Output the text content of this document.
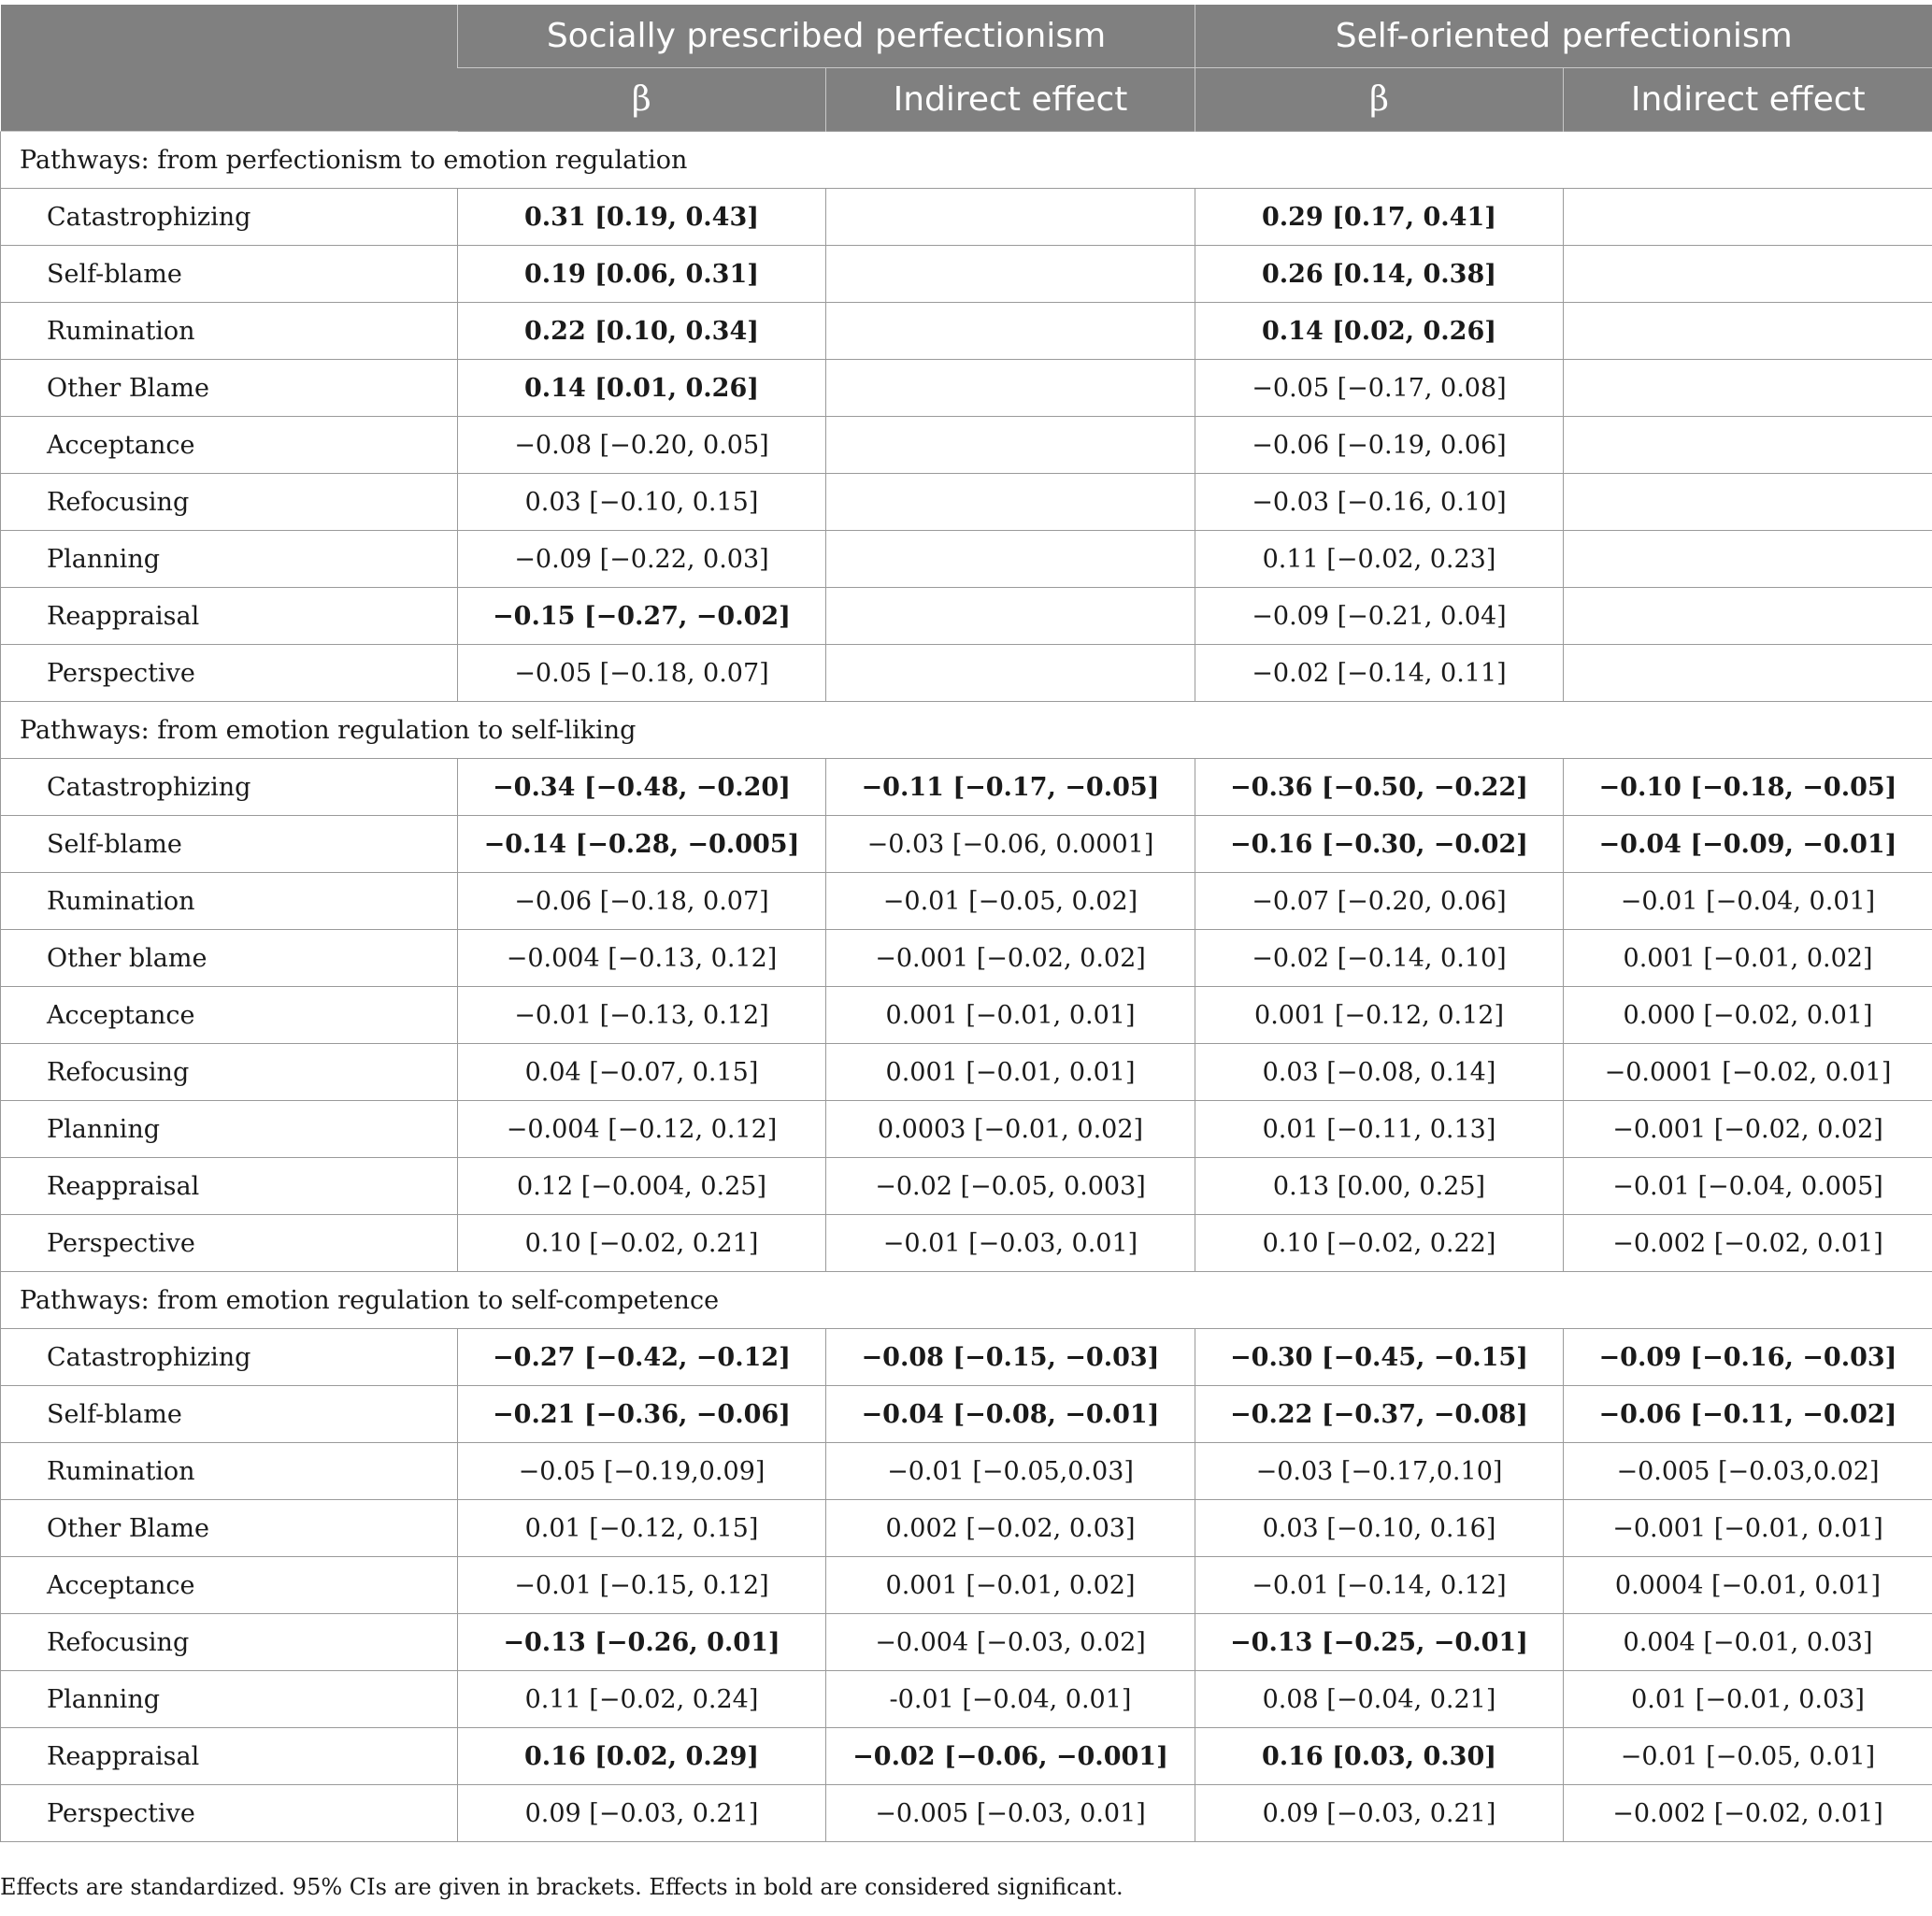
	Socially prescribed perfectionism		Self-oriented perfectionism	
	β	Indirect effect	β	Indirect effect
Pathways: from perfectionism to emotion regulation				
Catastrophizing	0.31 [0.19, 0.43]		0.29 [0.17, 0.41]	
Self-blame	0.19 [0.06, 0.31]		0.26 [0.14, 0.38]	
Rumination	0.22 [0.10, 0.34]		0.14 [0.02, 0.26]	
Other Blame	0.14 [0.01, 0.26]		−0.05 [−0.17, 0.08]	
Acceptance	−0.08 [−0.20, 0.05]		−0.06 [−0.19, 0.06]	
Refocusing	0.03 [−0.10, 0.15]		−0.03 [−0.16, 0.10]	
Planning	−0.09 [−0.22, 0.03]		0.11 [−0.02, 0.23]	
Reappraisal	−0.15 [−0.27, −0.02]		−0.09 [−0.21, 0.04]	
Perspective	−0.05 [−0.18, 0.07]		−0.02 [−0.14, 0.11]	
Pathways: from emotion regulation to self-liking				
Catastrophizing	−0.34 [−0.48, −0.20]	−0.11 [−0.17, −0.05]	−0.36 [−0.50, −0.22]	−0.10 [−0.18, −0.05]
Self-blame	−0.14 [−0.28, −0.005]	−0.03 [−0.06, 0.0001]	−0.16 [−0.30, −0.02]	−0.04 [−0.09, −0.01]
Rumination	−0.06 [−0.18, 0.07]	−0.01 [−0.05, 0.02]	−0.07 [−0.20, 0.06]	−0.01 [−0.04, 0.01]
Other blame	−0.004 [−0.13, 0.12]	−0.001 [−0.02, 0.02]	−0.02 [−0.14, 0.10]	0.001 [−0.01, 0.02]
Acceptance	−0.01 [−0.13, 0.12]	0.001 [−0.01, 0.01]	0.001 [−0.12, 0.12]	0.000 [−0.02, 0.01]
Refocusing	0.04 [−0.07, 0.15]	0.001 [−0.01, 0.01]	0.03 [−0.08, 0.14]	−0.0001 [−0.02, 0.01]
Planning	−0.004 [−0.12, 0.12]	0.0003 [−0.01, 0.02]	0.01 [−0.11, 0.13]	−0.001 [−0.02, 0.02]
Reappraisal	0.12 [−0.004, 0.25]	−0.02 [−0.05, 0.003]	0.13 [0.00, 0.25]	−0.01 [−0.04, 0.005]
Perspective	0.10 [−0.02, 0.21]	−0.01 [−0.03, 0.01]	0.10 [−0.02, 0.22]	−0.002 [−0.02, 0.01]
Pathways: from emotion regulation to self-competence				
Catastrophizing	−0.27 [−0.42, −0.12]	−0.08 [−0.15, −0.03]	−0.30 [−0.45, −0.15]	−0.09 [−0.16, −0.03]
Self-blame	−0.21 [−0.36, −0.06]	−0.04 [−0.08, −0.01]	−0.22 [−0.37, −0.08]	−0.06 [−0.11, −0.02]
Rumination	−0.05 [−0.19,0.09]	−0.01 [−0.05,0.03]	−0.03 [−0.17,0.10]	−0.005 [−0.03,0.02]
Other Blame	0.01 [−0.12, 0.15]	0.002 [−0.02, 0.03]	0.03 [−0.10, 0.16]	−0.001 [−0.01, 0.01]
Acceptance	−0.01 [−0.15, 0.12]	0.001 [−0.01, 0.02]	−0.01 [−0.14, 0.12]	0.0004 [−0.01, 0.01]
Refocusing	−0.13 [−0.26, 0.01]	−0.004 [−0.03, 0.02]	−0.13 [−0.25, −0.01]	0.004 [−0.01, 0.03]
Planning	0.11 [−0.02, 0.24]	-0.01 [−0.04, 0.01]	0.08 [−0.04, 0.21]	0.01 [−0.01, 0.03]
Reappraisal	0.16 [0.02, 0.29]	−0.02 [−0.06, −0.001]	0.16 [0.03, 0.30]	−0.01 [−0.05, 0.01]
Perspective	0.09 [−0.03, 0.21]	−0.005 [−0.03, 0.01]	0.09 [−0.03, 0.21]	−0.002 [−0.02, 0.01]
Effects are standardized. 95% CIs are given in brackets. Effects in bold are considered significant.
